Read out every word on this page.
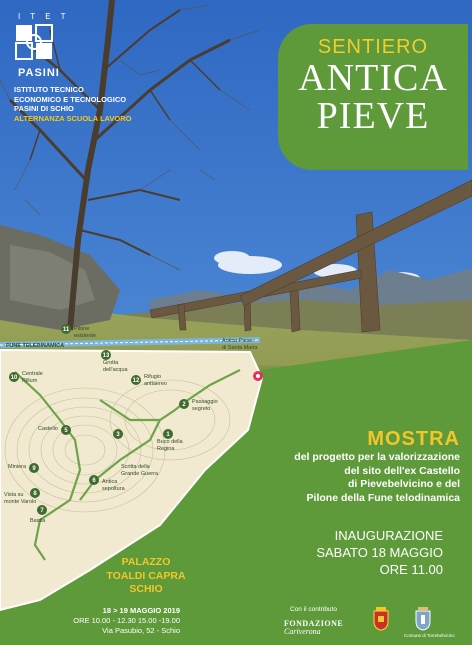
11
10
13
12
2
5
1
3
9
6
8
7
FUNE TELEDINAMICA
Pilone
esistente
Antica Pieve
di Santa Maria
Centrale
Rillum
Grotta
dell'acqua
Rifugio
antiaereo
Passaggio
segreto
Castello
Buco della
Regina
Scritta della
Grande Guerra
Miniera
Antica
sepoltura
Vista su
monte Varolo
Bastia
I T E T
PASINI
ISTITUTO TECNICO
ECONOMICO E TECNOLOGICO
PASINI DI SCHIO
ALTERNANZA SCUOLA LAVORO
SENTIERO
ANTICA
PIEVE
MOSTRA
del progetto per la valorizzazione
del sito dell'ex Castello
di Pievebelvicino e del
Pilone della Fune telodinamica
INAUGURAZIONE
SABATO 18 MAGGIO
ORE 11.00
PALAZZO
TOALDI CAPRA
SCHIO
18 > 19 MAGGIO 2019
ORE 10.00 - 12.30 15.00 -19.00
Via Pasubio, 52 - Schio
Con il contributo
FONDAZIONE
Cariverona	Comune di Torrebelvicino
